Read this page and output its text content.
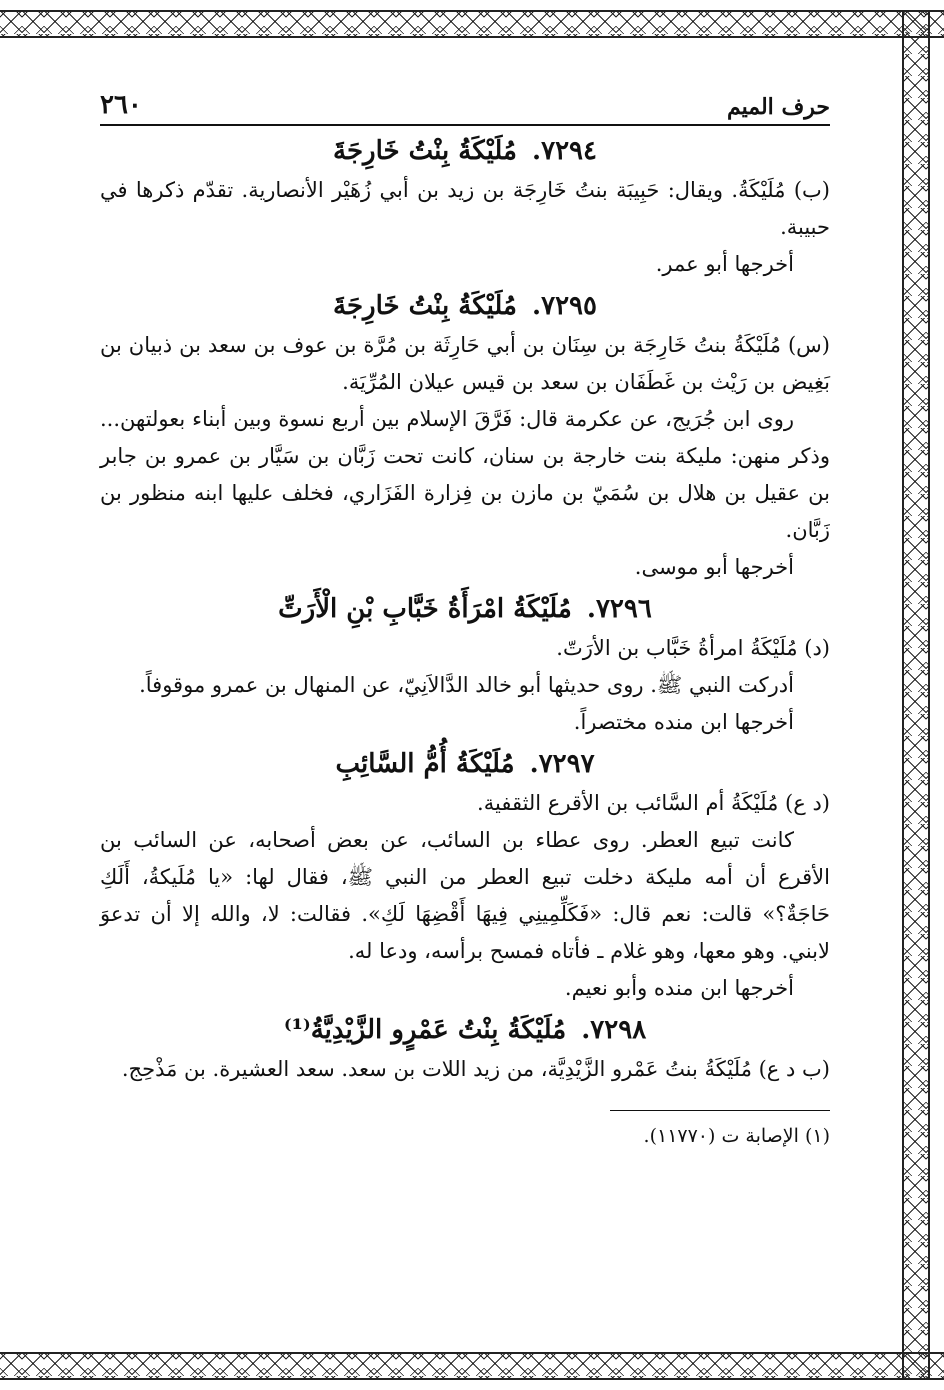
حرف الميم
٢٦٠
٧٢٩٤. مُلَيْكَةُ بِنْتُ خَارِجَةَ

(ب) مُلَيْكَةُ. ويقال: حَبِيبَة بنتُ خَارِجَة بن زيد بن أبي زُهَيْر الأنصارية. تقدّم ذكرها في حبيبة.

أخرجها أبو عمر.

٧٢٩٥. مُلَيْكَةُ بِنْتُ خَارِجَةَ

(س) مُلَيْكَةُ بنتُ خَارِجَة بن سِنَان بن أبي حَارِثَة بن مُرَّة بن عوف بن سعد بن ذبيان بن بَغِيض بن رَيْث بن غَطَفَان بن سعد بن قيس عيلان المُرِّيَة.

روى ابن جُرَيج، عن عكرمة قال: فَرَّقَ الإسلام بين أربع نسوة وبين أبناء بعولتهن... وذكر منهن: مليكة بنت خارجة بن سنان، كانت تحت زَبَّان بن سَيَّار بن عمرو بن جابر بن عقيل بن هلال بن سُمَيّ بن مازن بن فِزارة الفَزَاري، فخلف عليها ابنه منظور بن زَبَّان.

أخرجها أبو موسى.

٧٢٩٦. مُلَيْكَةُ امْرَأَةُ خَبَّابِ بْنِ الْأَرَتِّ

(د) مُلَيْكَةُ امرأةُ خَبَّاب بن الأرَتّ.

أدركت النبي ﷺ. روى حديثها أبو خالد الدَّالاَنِيّ، عن المنهال بن عمرو موقوفاً.

أخرجها ابن منده مختصراً.

٧٢٩٧. مُلَيْكَةُ أُمُّ السَّائِبِ

(د ع) مُلَيْكَةُ أم السَّائب بن الأقرع الثقفية.

كانت تبيع العطر. روى عطاء بن السائب، عن بعض أصحابه، عن السائب بن الأقرع أن أمه مليكة دخلت تبيع العطر من النبي ﷺ، فقال لها: «يا مُلَيكةُ، أَلَكِ حَاجَةٌ؟» قالت: نعم قال: «فَكَلِّمِينِي فِيهَا أَقْضِهَا لَكِ». فقالت: لا، والله إلا أن تدعوَ لابني. وهو معها، وهو غلام ـ فأتاه فمسح برأسه، ودعا له.

أخرجها ابن منده وأبو نعيم.

٧٢٩٨. مُلَيْكَةُ بِنْتُ عَمْرٍو الزَّيْدِيَّةُ⁽¹⁾

(ب د ع) مُلَيْكَةُ بنتُ عَمْرو الزَّيْدِيَّة، من زيد اللات بن سعد. سعد العشيرة. بن مَذْحِج.

(١) الإصابة ت (١١٧٧٠).
